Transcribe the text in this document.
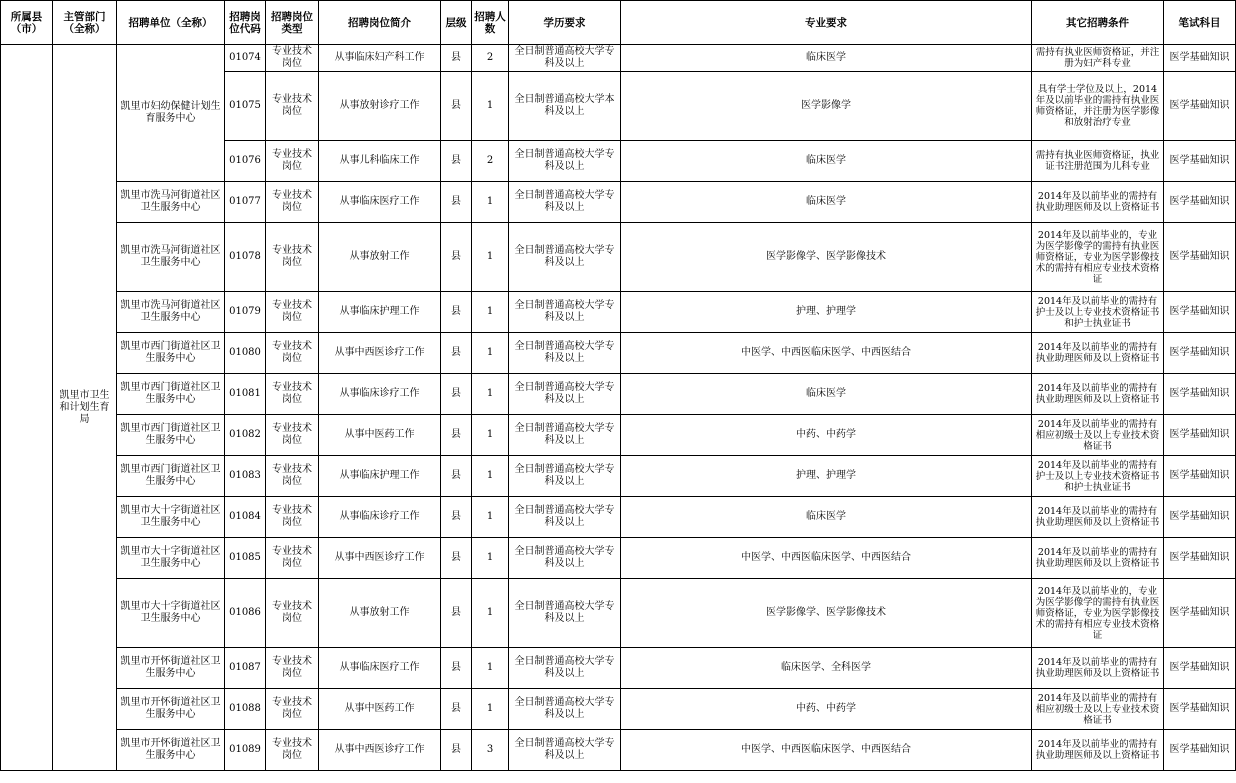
所属县（市）	主管部门（全称）	招聘单位（全称）	招聘岗位代码	招聘岗位类型	招聘岗位简介	层级	招聘人数	学历要求	专业要求	其它招聘条件	笔试科目
	凯里市卫生和计划生育局	凯里市妇幼保健计划生育服务中心	01074	专业技术岗位	从事临床妇产科工作	县	2	全日制普通高校大学专科及以上	临床医学	需持有执业医师资格证，并注册为妇产科专业	医学基础知识
			01075	专业技术岗位	从事放射诊疗工作	县	1	全日制普通高校大学本科及以上	医学影像学	具有学士学位及以上，2014年及以前毕业的需持有执业医师资格证，并注册为医学影像和放射治疗专业	医学基础知识
			01076	专业技术岗位	从事儿科临床工作	县	2	全日制普通高校大学专科及以上	临床医学	需持有执业医师资格证，执业证书注册范围为儿科专业	医学基础知识
		凯里市洗马河街道社区卫生服务中心	01077	专业技术岗位	从事临床医疗工作	县	1	全日制普通高校大学专科及以上	临床医学	2014年及以前毕业的需持有执业助理医师及以上资格证书	医学基础知识
		凯里市洗马河街道社区卫生服务中心	01078	专业技术岗位	从事放射工作	县	1	全日制普通高校大学专科及以上	医学影像学、医学影像技术	2014年及以前毕业的，专业为医学影像学的需持有执业医师资格证，专业为医学影像技术的需持有相应专业技术资格证	医学基础知识
		凯里市洗马河街道社区卫生服务中心	01079	专业技术岗位	从事临床护理工作	县	1	全日制普通高校大学专科及以上	护理、护理学	2014年及以前毕业的需持有护士及以上专业技术资格证书和护士执业证书	医学基础知识
		凯里市西门街道社区卫生服务中心	01080	专业技术岗位	从事中西医诊疗工作	县	1	全日制普通高校大学专科及以上	中医学、中西医临床医学、中西医结合	2014年及以前毕业的需持有执业助理医师及以上资格证书	医学基础知识
		凯里市西门街道社区卫生服务中心	01081	专业技术岗位	从事临床诊疗工作	县	1	全日制普通高校大学专科及以上	临床医学	2014年及以前毕业的需持有执业助理医师及以上资格证书	医学基础知识
		凯里市西门街道社区卫生服务中心	01082	专业技术岗位	从事中医药工作	县	1	全日制普通高校大学专科及以上	中药、中药学	2014年及以前毕业的需持有相应初级士及以上专业技术资格证书	医学基础知识
		凯里市西门街道社区卫生服务中心	01083	专业技术岗位	从事临床护理工作	县	1	全日制普通高校大学专科及以上	护理、护理学	2014年及以前毕业的需持有护士及以上专业技术资格证书和护士执业证书	医学基础知识
		凯里市大十字街道社区卫生服务中心	01084	专业技术岗位	从事临床诊疗工作	县	1	全日制普通高校大学专科及以上	临床医学	2014年及以前毕业的需持有执业助理医师及以上资格证书	医学基础知识
		凯里市大十字街道社区卫生服务中心	01085	专业技术岗位	从事中西医诊疗工作	县	1	全日制普通高校大学专科及以上	中医学、中西医临床医学、中西医结合	2014年及以前毕业的需持有执业助理医师及以上资格证书	医学基础知识
		凯里市大十字街道社区卫生服务中心	01086	专业技术岗位	从事放射工作	县	1	全日制普通高校大学专科及以上	医学影像学、医学影像技术	2014年及以前毕业的，专业为医学影像学的需持有执业医师资格证，专业为医学影像技术的需持有相应专业技术资格证	医学基础知识
		凯里市开怀街道社区卫生服务中心	01087	专业技术岗位	从事临床医疗工作	县	1	全日制普通高校大学专科及以上	临床医学、全科医学	2014年及以前毕业的需持有执业助理医师及以上资格证书	医学基础知识
		凯里市开怀街道社区卫生服务中心	01088	专业技术岗位	从事中医药工作	县	1	全日制普通高校大学专科及以上	中药、中药学	2014年及以前毕业的需持有相应初级士及以上专业技术资格证书	医学基础知识
		凯里市开怀街道社区卫生服务中心	01089	专业技术岗位	从事中西医诊疗工作	县	3	全日制普通高校大学专科及以上	中医学、中西医临床医学、中西医结合	2014年及以前毕业的需持有执业助理医师及以上资格证书	医学基础知识
